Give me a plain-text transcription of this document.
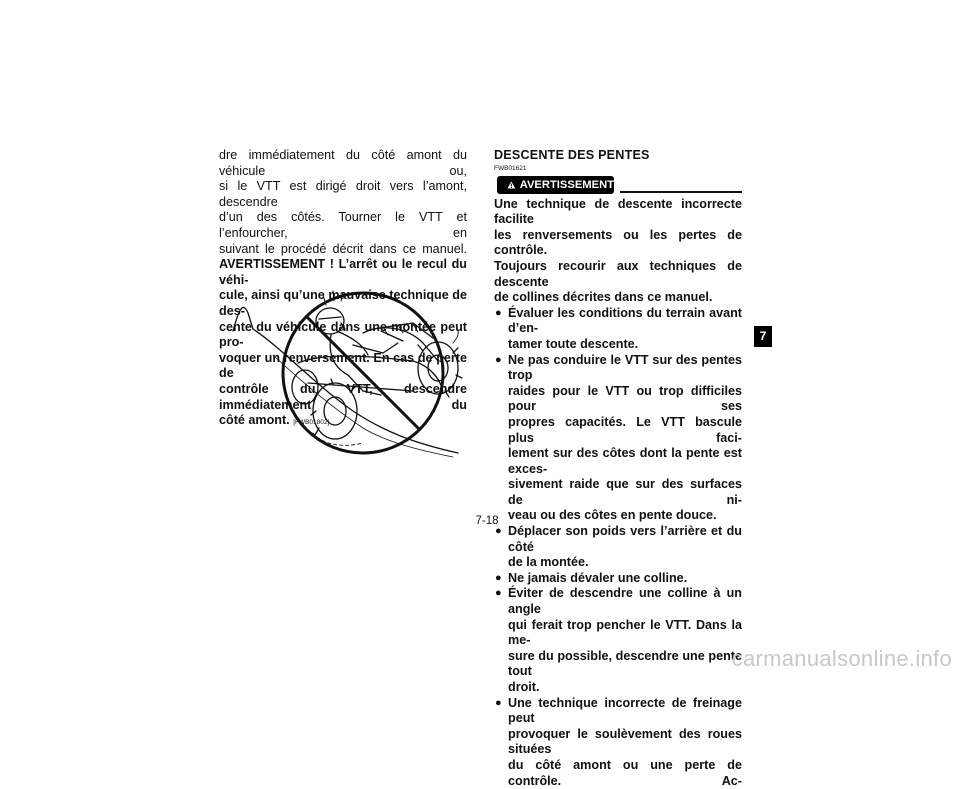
dre immédiatement du côté amont du véhicule ou,
si le VTT est dirigé droit vers l’amont, descendre
d’un des côtés. Tourner le VTT et l’enfourcher, en
suivant le procédé décrit dans ce manuel.
AVERTISSEMENT ! L’arrêt ou le recul du véhi-
cule, ainsi qu’une mauvaise technique de des-
cente du véhicule dans une montée peut pro-
voquer un renversement. En cas de perte de
contrôle du VTT, descendre immédiatement du
côté amont. [FWB01802]
DESCENTE DES PENTES
FWB01621
AVERTISSEMENT
Une technique de descente incorrecte facilite
les renversements ou les pertes de contrôle.
Toujours recourir aux techniques de descente
de collines décrites dans ce manuel.
● Évaluer les conditions du terrain avant d’en-
tamer toute descente.
● Ne pas conduire le VTT sur des pentes trop
raides pour le VTT ou trop difficiles pour ses
propres capacités. Le VTT bascule plus faci-
lement sur des côtes dont la pente est exces-
sivement raide que sur des surfaces de ni-
veau ou des côtes en pente douce.
● Déplacer son poids vers l’arrière et du côté
de la montée.
● Ne jamais dévaler une colline.
● Éviter de descendre une colline à un angle
qui ferait trop pencher le VTT. Dans la me-
sure du possible, descendre une pente tout
droit.
● Une technique incorrecte de freinage peut
provoquer le soulèvement des roues situées
du côté amont ou une perte de contrôle. Ac-
7
7-18
carmanualsonline.info
